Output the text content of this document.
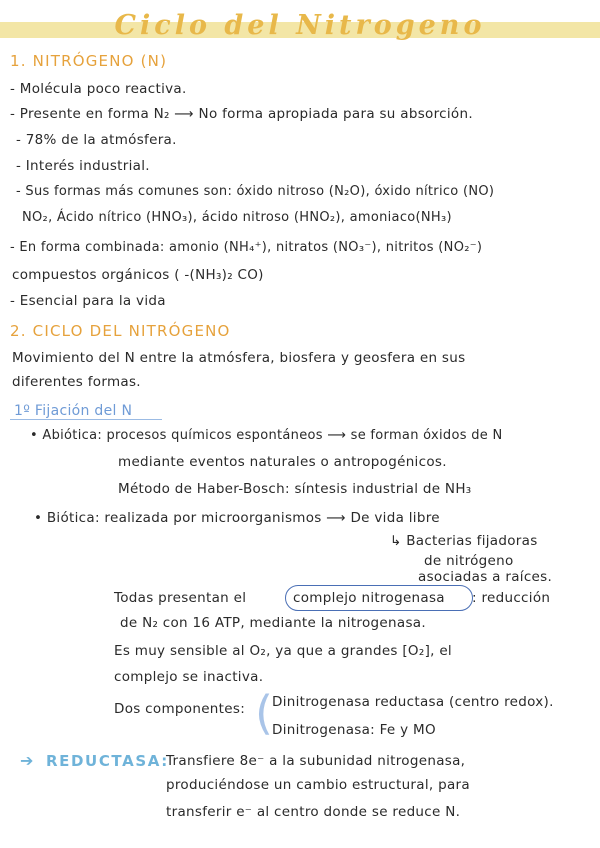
Ciclo del Nitrogeno
1. NITRÓGENO (N)
- Molécula poco reactiva.
- Presente en forma N₂ ⟶ No forma apropiada para su absorción.
- 78% de la atmósfera.
- Interés industrial.
- Sus formas más comunes son: óxido nitroso (N₂O), óxido nítrico (NO)
NO₂, Ácido nítrico (HNO₃), ácido nitroso (HNO₂), amoniaco(NH₃)
- En forma combinada: amonio (NH₄⁺), nitratos (NO₃⁻), nitritos (NO₂⁻)
compuestos orgánicos ( -(NH₃)₂ CO)
- Esencial para la vida
2. CICLO DEL NITRÓGENO
Movimiento del N entre la atmósfera, biosfera y geosfera en sus
diferentes formas.
1º Fijación del N
• Abiótica: procesos químicos espontáneos ⟶ se forman óxidos de N
mediante eventos naturales o antropogénicos.
Método de Haber-Bosch: síntesis industrial de NH₃
• Biótica: realizada por microorganismos ⟶ De vida libre
↳ Bacterias fijadoras
de nitrógeno
asociadas a raíces.
Todas presentan el	complejo nitrogenasa : reducción
de N₂ con 16 ATP, mediante la nitrogenasa.
Es muy sensible al O₂, ya que a grandes [O₂], el
complejo se inactiva.
Dos componentes: ( Dinitrogenasa reductasa (centro redox).
Dinitrogenasa: Fe y MO
➔ REDUCTASA:
Transfiere 8e⁻ a la subunidad nitrogenasa,
produciéndose un cambio estructural, para
transferir e⁻ al centro donde se reduce N.
